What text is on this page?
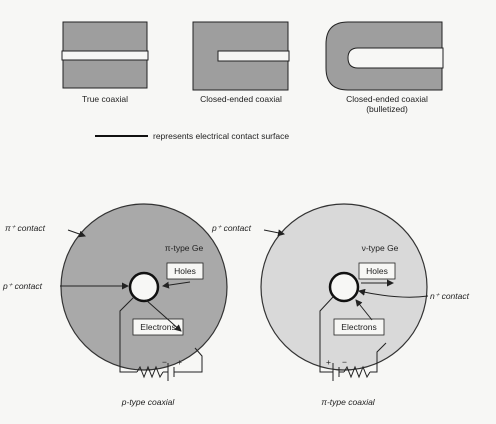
True coaxial	Closed-ended coaxial	Closed-ended coaxial
(bulletized)
represents electrical contact surface
π-type Ge
Holes
Electrons
π⁺ contact
p⁺ contact
− +
p-type coaxial
ν-type Ge
Holes
Electrons
p⁺ contact
n⁺ contact
+ −
π-type coaxial
